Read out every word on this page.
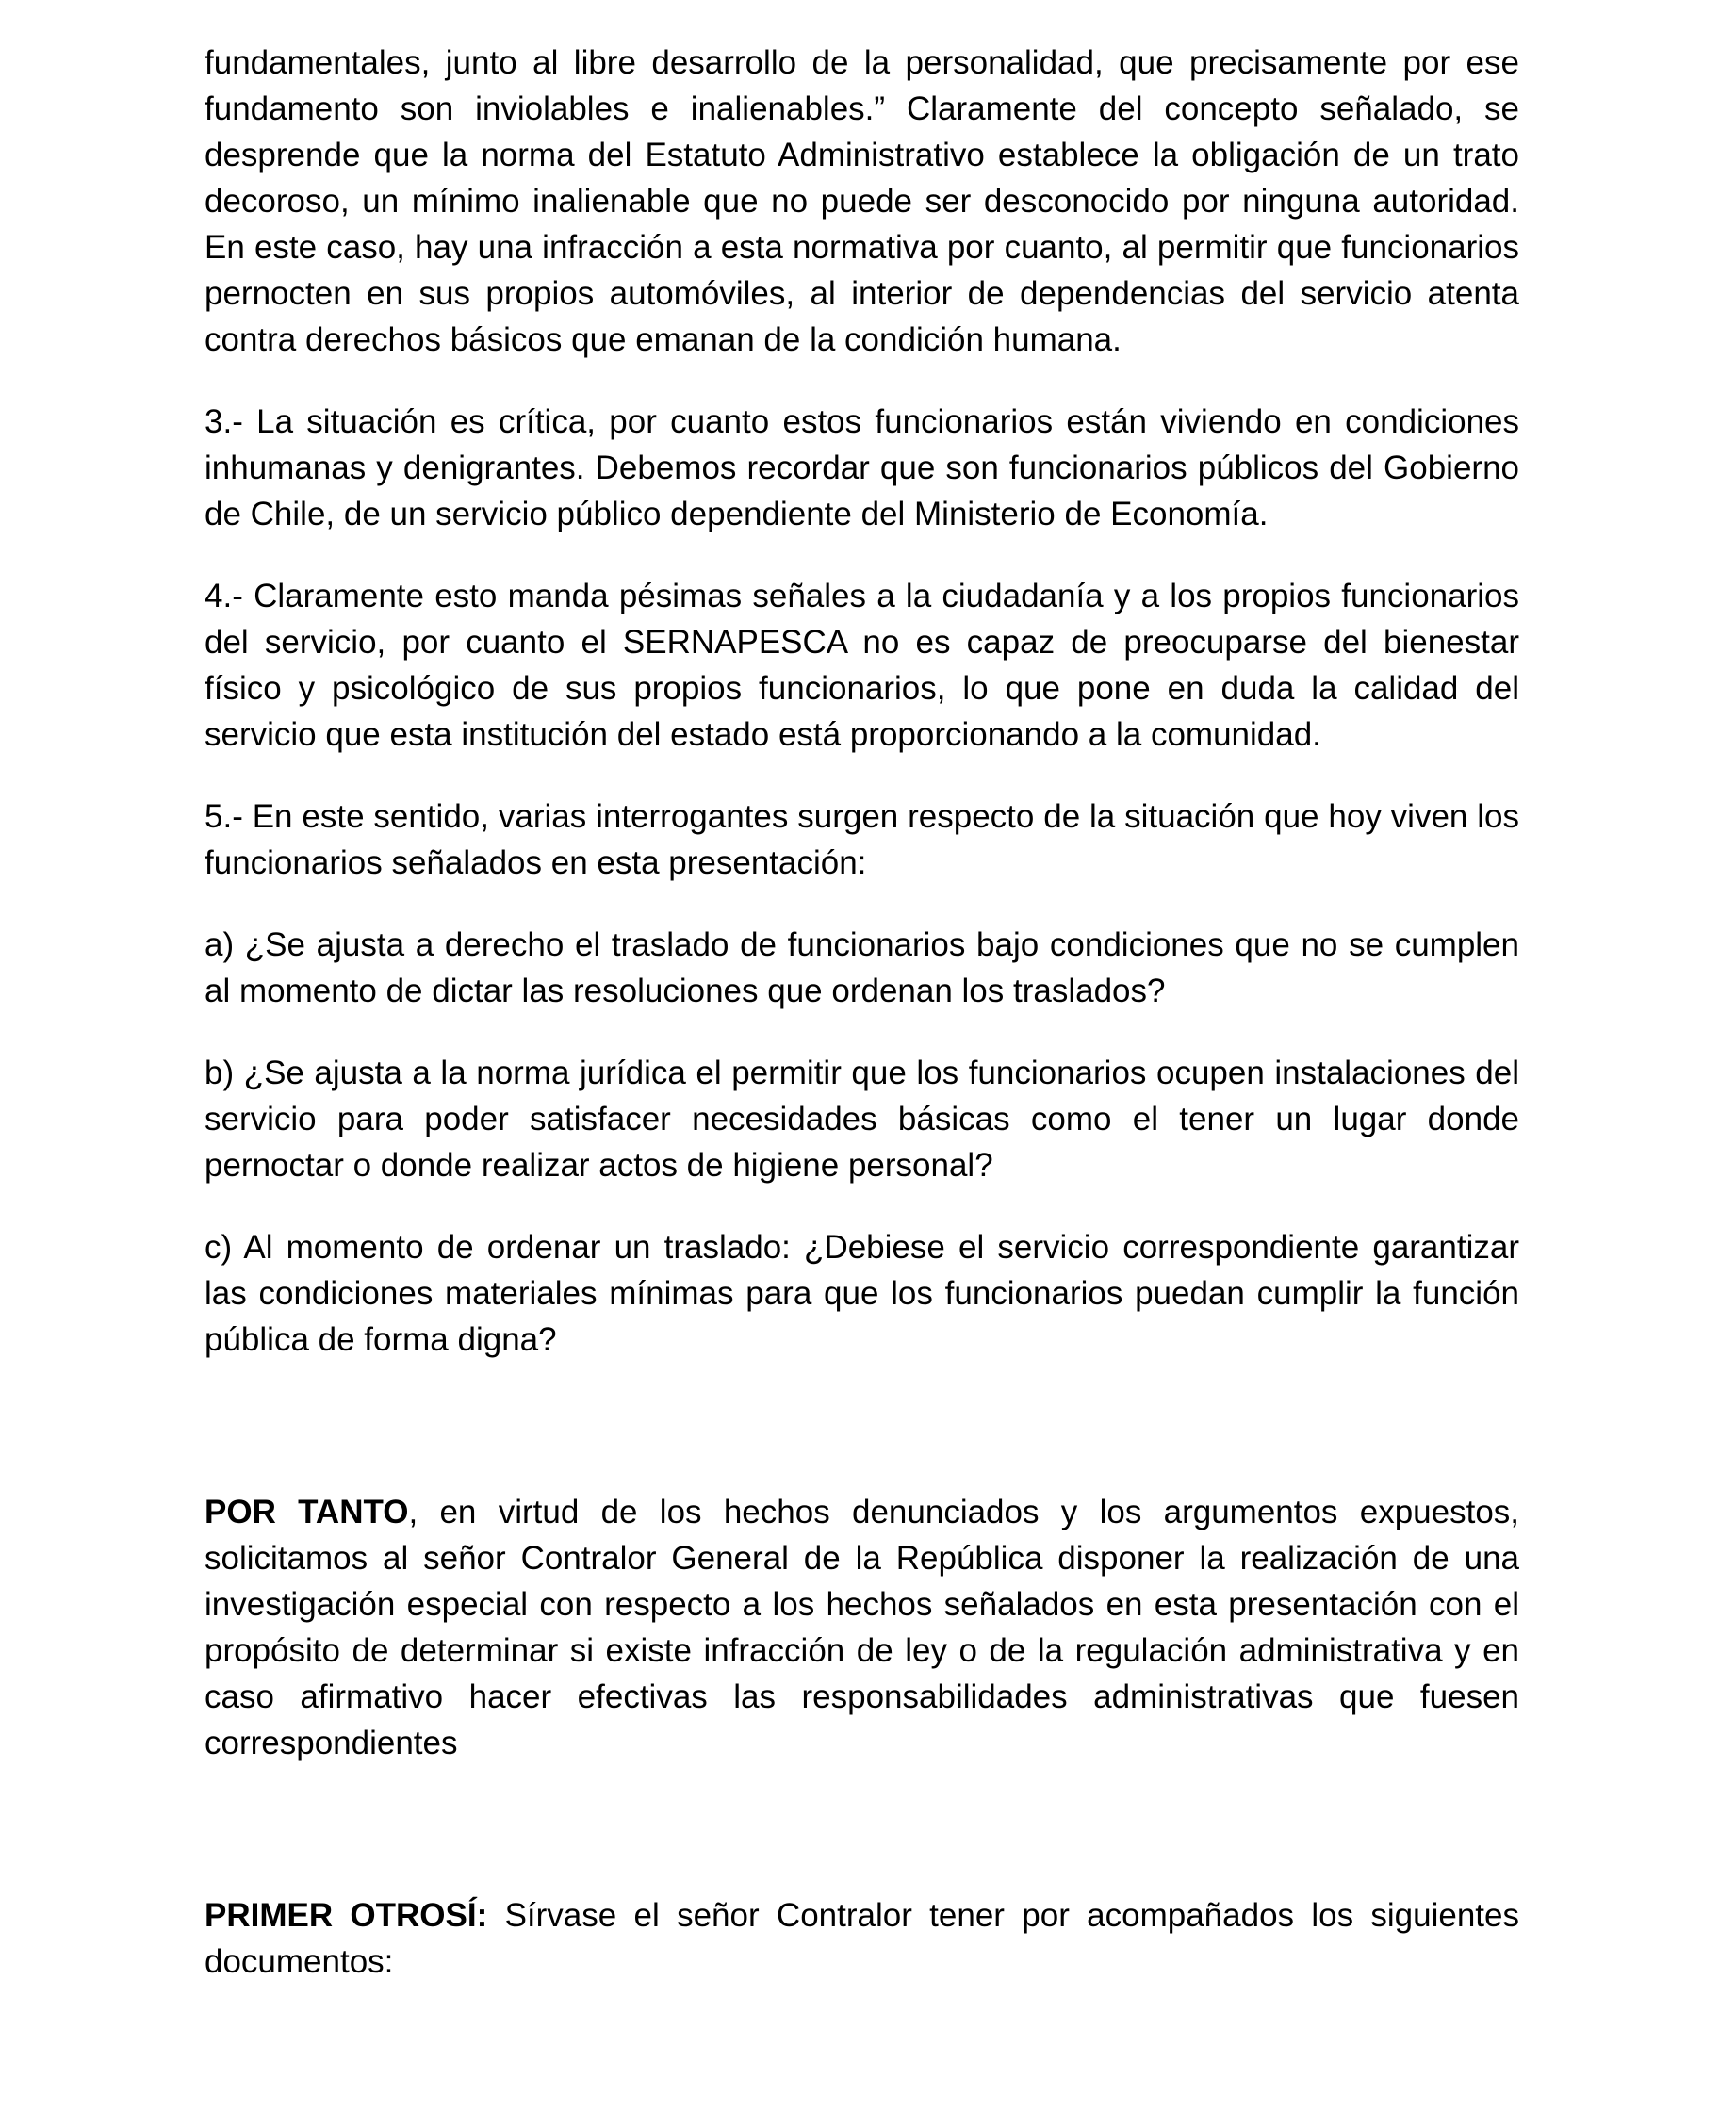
fundamentales, junto al libre desarrollo de la personalidad, que precisamente por ese fundamento son inviolables e inalienables.” Claramente del concepto señalado, se desprende que la norma del Estatuto Administrativo establece la obligación de un trato decoroso, un mínimo inalienable que no puede ser desconocido por ninguna autoridad. En este caso, hay una infracción a esta normativa por cuanto, al permitir que funcionarios pernocten en sus propios automóviles, al interior de dependencias del servicio atenta contra derechos básicos que emanan de la condición humana.

3.- La situación es crítica, por cuanto estos funcionarios están viviendo en condiciones inhumanas y denigrantes. Debemos recordar que son funcionarios públicos del Gobierno de Chile, de un servicio público dependiente del Ministerio de Economía.

4.- Claramente esto manda pésimas señales a la ciudadanía y a los propios funcionarios del servicio, por cuanto el SERNAPESCA no es capaz de preocuparse del bienestar físico y psicológico de sus propios funcionarios, lo que pone en duda la calidad del servicio que esta institución del estado está proporcionando a la comunidad.

5.- En este sentido, varias interrogantes surgen respecto de la situación que hoy viven los funcionarios señalados en esta presentación:

a) ¿Se ajusta a derecho el traslado de funcionarios bajo condiciones que no se cumplen al momento de dictar las resoluciones que ordenan los traslados?

b) ¿Se ajusta a la norma jurídica el permitir que los funcionarios ocupen instalaciones del servicio para poder satisfacer necesidades básicas como el tener un lugar donde pernoctar o donde realizar actos de higiene personal?

c) Al momento de ordenar un traslado: ¿Debiese el servicio correspondiente garantizar las condiciones materiales mínimas para que los funcionarios puedan cumplir la función pública de forma digna?

POR TANTO, en virtud de los hechos denunciados y los argumentos expuestos, solicitamos al señor Contralor General de la República disponer la realización de una investigación especial con respecto a los hechos señalados en esta presentación con el propósito de determinar si existe infracción de ley o de la regulación administrativa y en caso afirmativo hacer efectivas las responsabilidades administrativas que fuesen correspondientes

PRIMER OTROSÍ: Sírvase el señor Contralor tener por acompañados los siguientes documentos:
